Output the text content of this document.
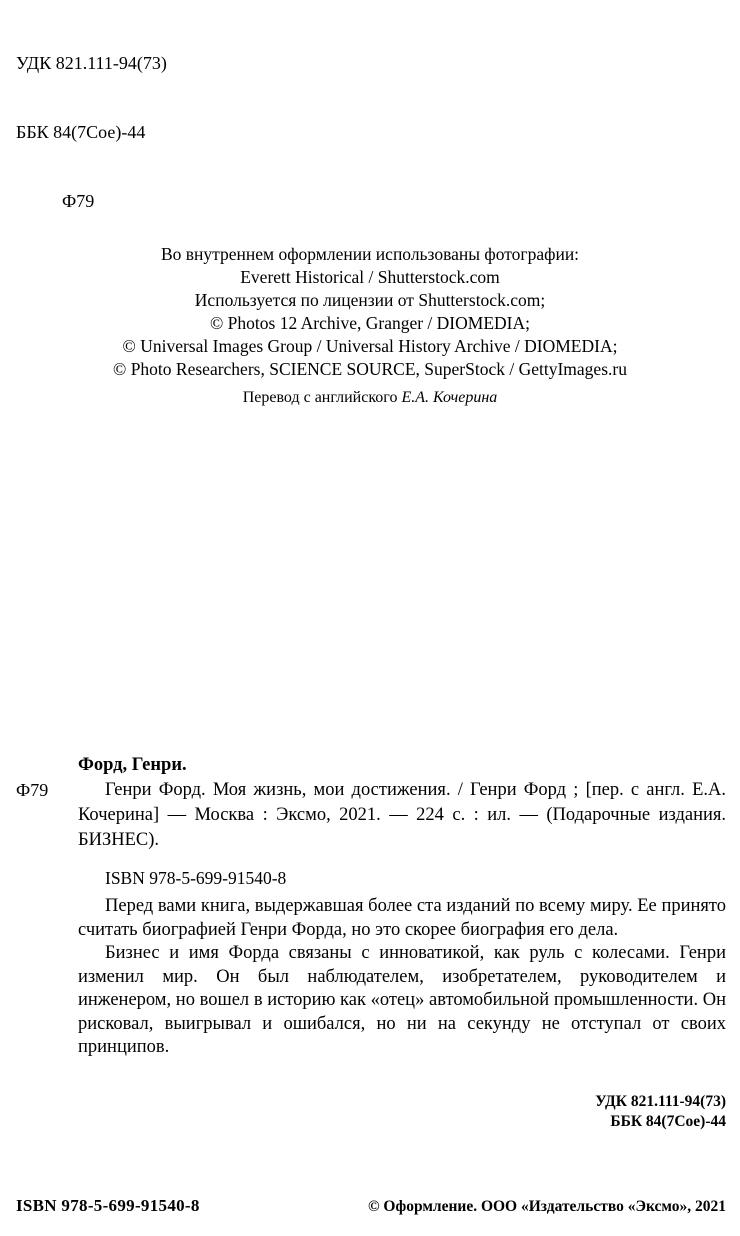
УДК 821.111-94(73)

ББК 84(7Сое)-44

Ф79

Во внутреннем оформлении использованы фотографии:
Everett Historical / Shutterstock.com
Используется по лицензии от Shutterstock.com;
© Photos 12 Archive, Granger / DIOMEDIA;
© Universal Images Group / Universal History Archive / DIOMEDIA;
© Photo Researchers, SCIENCE SOURCE, SuperStock / GettyImages.ru
Перевод с английского Е.А. Кочерина
Ф79
Форд, Генри.
Генри Форд. Моя жизнь, мои достижения. / Генри Форд ; [пер. с англ. Е.А. Кочерина] — Москва : Эксмо, 2021. — 224 с. : ил. — (Подарочные издания. БИЗНЕС).
ISBN 978-5-699-91540-8

Перед вами книга, выдержавшая более ста изданий по всему миру. Ее принято считать биографией Генри Форда, но это скорее биография его дела.

Бизнес и имя Форда связаны с инноватикой, как руль с колесами. Генри изменил мир. Он был наблюдателем, изобретателем, руководителем и инженером, но вошел в историю как «отец» автомобильной промышленности. Он рисковал, выигрывал и ошибался, но ни на секунду не отступал от своих принципов.

УДК 821.111-94(73)
ББК 84(7Сое)-44
ISBN 978-5-699-91540-8	© Оформление. ООО «Издательство «Эксмо», 2021
